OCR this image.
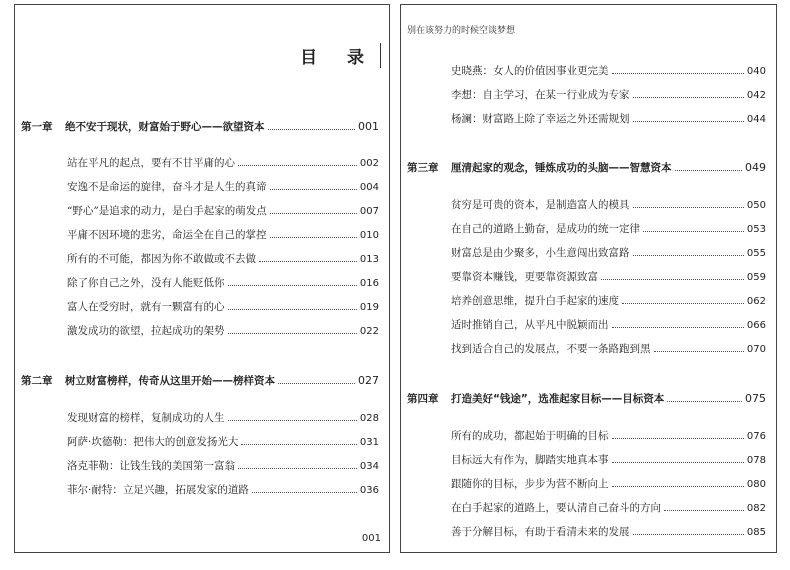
目 录
第一章	绝不安于现状，财富始于野心——欲望资本	001
站在平凡的起点，要有不甘平庸的心	002
安逸不是命运的旋律，奋斗才是人生的真谛	004
“野心”是追求的动力，是白手起家的萌发点	007
平庸不因环境的悲劣，命运全在自己的掌控	010
所有的不可能，都因为你不敢做或不去做	013
除了你自己之外，没有人能贬低你	016
富人在受穷时，就有一颗富有的心	019
激发成功的欲望，拉起成功的架势	022
第二章	树立财富榜样，传奇从这里开始——榜样资本	027
发现财富的榜样，复制成功的人生	028
阿萨·坎德勒：把伟大的创意发扬光大	031
洛克菲勒：让钱生钱的美国第一富翁	034
菲尔·耐特：立足兴趣，拓展发家的道路	036
001
别在该努力的时候空谈梦想
史晓燕：女人的价值因事业更完美	040
李想：自主学习，在某一行业成为专家	042
杨澜：财富路上除了幸运之外还需规划	044
第三章	厘清起家的观念，锤炼成功的头脑——智慧资本	049
贫穷是可贵的资本，是制造富人的模具	050
在自己的道路上勤奋，是成功的统一定律	053
财富总是由少聚多，小生意闯出致富路	055
要靠资本赚钱，更要靠资源致富	059
培养创意思维，提升白手起家的速度	062
适时推销自己，从平凡中脱颖而出	066
找到适合自己的发展点，不要一条路跑到黑	070
第四章	打造美好“钱途”，选准起家目标——目标资本	075
所有的成功，都起始于明确的目标	076
目标远大有作为，脚踏实地真本事	078
跟随你的目标，步步为营不断向上	080
在白手起家的道路上，要认清自己奋斗的方向	082
善于分解目标，有助于看清未来的发展	085
